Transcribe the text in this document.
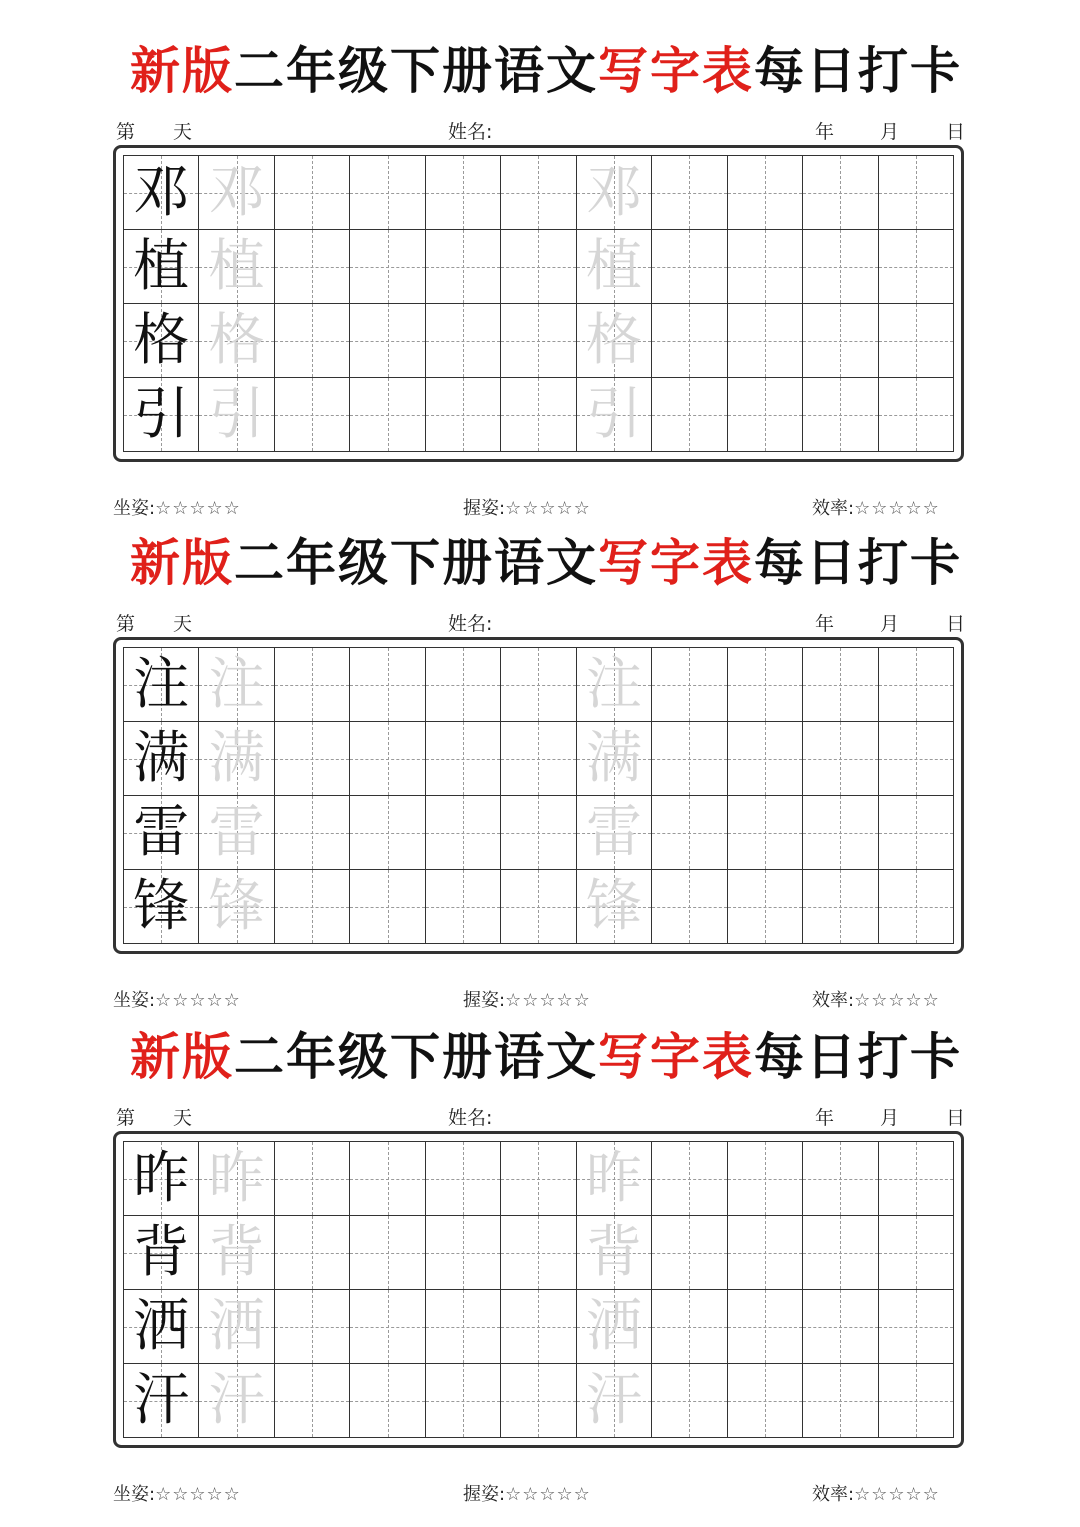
新版二年级下册语文写字表每日打卡
第　　天	姓名:	年 月 日
邓 邓	邓
植 植	植
格 格	格
引 引	引
坐姿:☆☆☆☆☆	握姿:☆☆☆☆☆	效率:☆☆☆☆☆
新版二年级下册语文写字表每日打卡
第　　天	姓名:	年 月 日
注 注	注
满 满	满
雷 雷	雷
锋 锋	锋
坐姿:☆☆☆☆☆	握姿:☆☆☆☆☆	效率:☆☆☆☆☆
新版二年级下册语文写字表每日打卡
第　　天	姓名:	年 月 日
昨 昨	昨
背 背	背
洒 洒	洒
汗 汗	汗
坐姿:☆☆☆☆☆	握姿:☆☆☆☆☆	效率:☆☆☆☆☆
